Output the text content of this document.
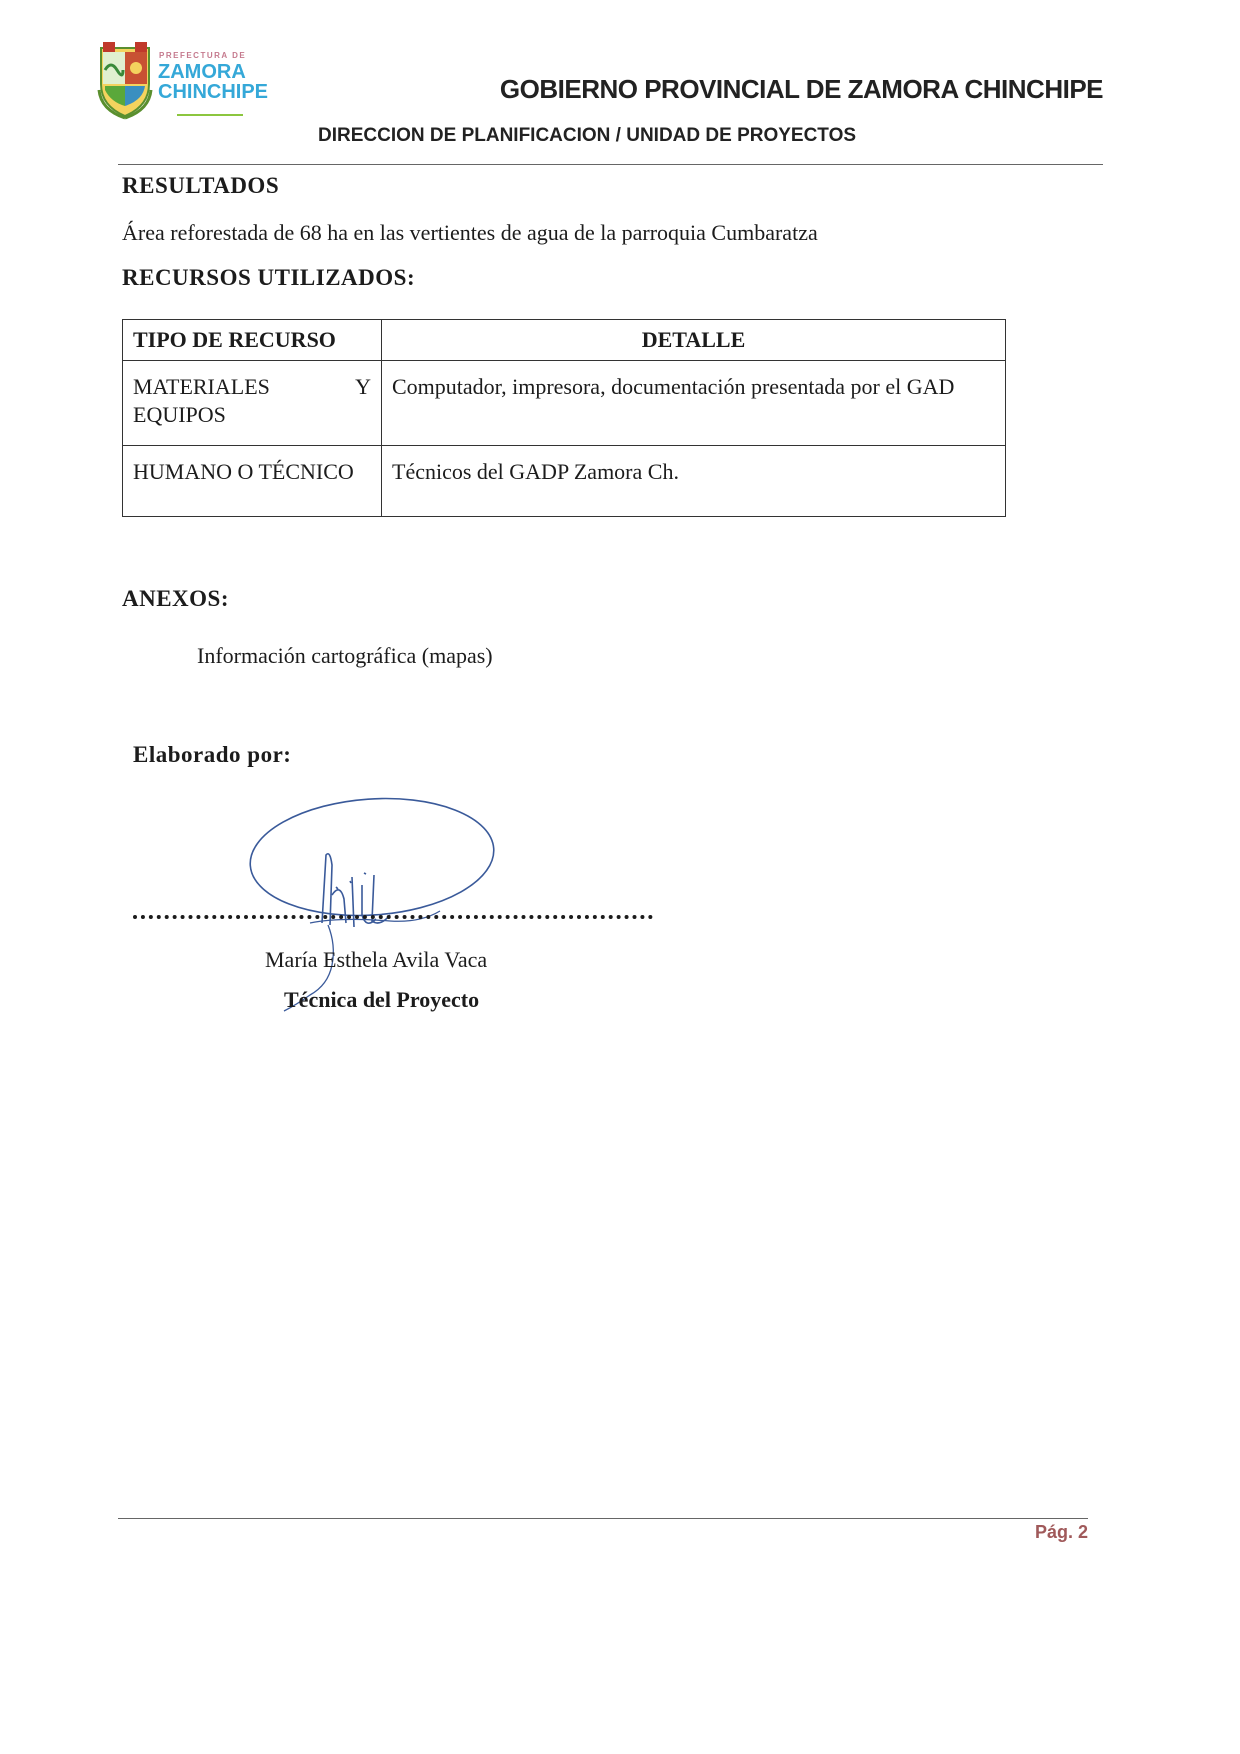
PREFECTURA DE
ZAMORA
CHINCHIPE	GOBIERNO PROVINCIAL DE ZAMORA CHINCHIPE
DIRECCION DE PLANIFICACION / UNIDAD DE PROYECTOS
RESULTADOS
Área reforestada de 68 ha en las vertientes de agua de la parroquia Cumbaratza
RECURSOS UTILIZADOS:
TIPO DE RECURSO	DETALLE
MATERIALES Y EQUIPOS	Computador, impresora, documentación presentada por el GAD
HUMANO O TÉCNICO	Técnicos del GADP Zamora Ch.
ANEXOS:
Información cartográfica (mapas)
Elaborado por:
María Esthela Avila Vaca
Técnica del Proyecto
Pág. 2
